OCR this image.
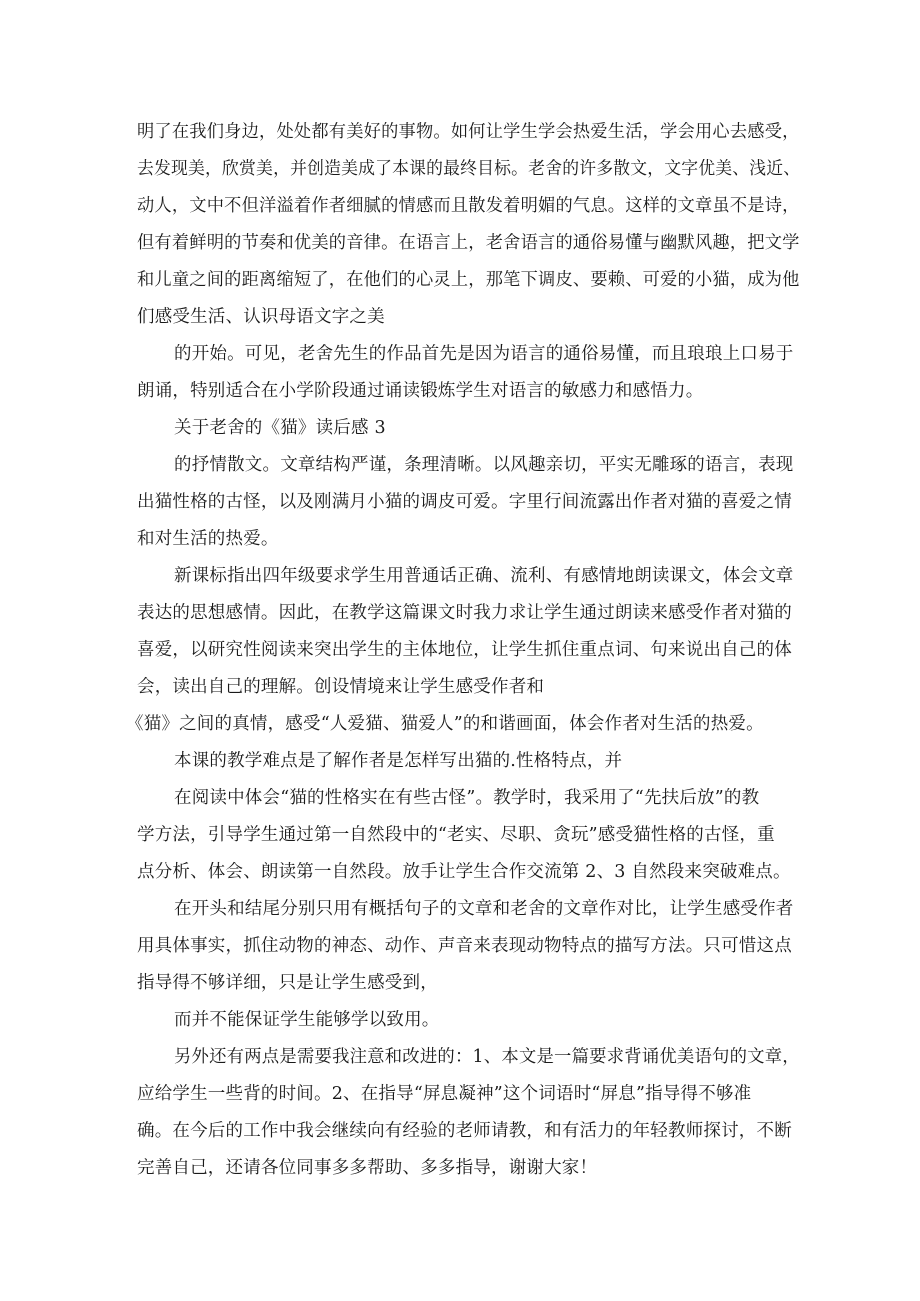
明了在我们身边，处处都有美好的事物。如何让学生学会热爱生活，学会用心去感受，
去发现美，欣赏美，并创造美成了本课的最终目标。老舍的许多散文，文字优美、浅近、
动人，文中不但洋溢着作者细腻的情感而且散发着明媚的气息。这样的文章虽不是诗，
但有着鲜明的节奏和优美的音律。在语言上，老舍语言的通俗易懂与幽默风趣，把文学
和儿童之间的距离缩短了，在他们的心灵上，那笔下调皮、要赖、可爱的小猫，成为他
们感受生活、认识母语文字之美
的开始。可见，老舍先生的作品首先是因为语言的通俗易懂，而且琅琅上口易于
朗诵，特别适合在小学阶段通过诵读锻炼学生对语言的敏感力和感悟力。
关于老舍的《猫》读后感 3
的抒情散文。文章结构严谨，条理清晰。以风趣亲切，平实无雕琢的语言，表现
出猫性格的古怪，以及刚满月小猫的调皮可爱。字里行间流露出作者对猫的喜爱之情
和对生活的热爱。
新课标指出四年级要求学生用普通话正确、流利、有感情地朗读课文，体会文章
表达的思想感情。因此，在教学这篇课文时我力求让学生通过朗读来感受作者对猫的
喜爱，以研究性阅读来突出学生的主体地位，让学生抓住重点词、句来说出自己的体
会，读出自己的理解。创设情境来让学生感受作者和
《猫》之间的真情，感受“人爱猫、猫爱人”的和谐画面，体会作者对生活的热爱。
本课的教学难点是了解作者是怎样写出猫的.性格特点，并
在阅读中体会“猫的性格实在有些古怪”。教学时，我采用了“先扶后放”的教
学方法，引导学生通过第一自然段中的“老实、尽职、贪玩”感受猫性格的古怪，重
点分析、体会、朗读第一自然段。放手让学生合作交流第 2、3 自然段来突破难点。
在开头和结尾分别只用有概括句子的文章和老舍的文章作对比，让学生感受作者
用具体事实，抓住动物的神态、动作、声音来表现动物特点的描写方法。只可惜这点
指导得不够详细，只是让学生感受到，
而并不能保证学生能够学以致用。
另外还有两点是需要我注意和改进的：1、本文是一篇要求背诵优美语句的文章，
应给学生一些背的时间。2、在指导“屏息凝神”这个词语时“屏息”指导得不够准
确。在今后的工作中我会继续向有经验的老师请教，和有活力的年轻教师探讨，不断
完善自己，还请各位同事多多帮助、多多指导，谢谢大家！
